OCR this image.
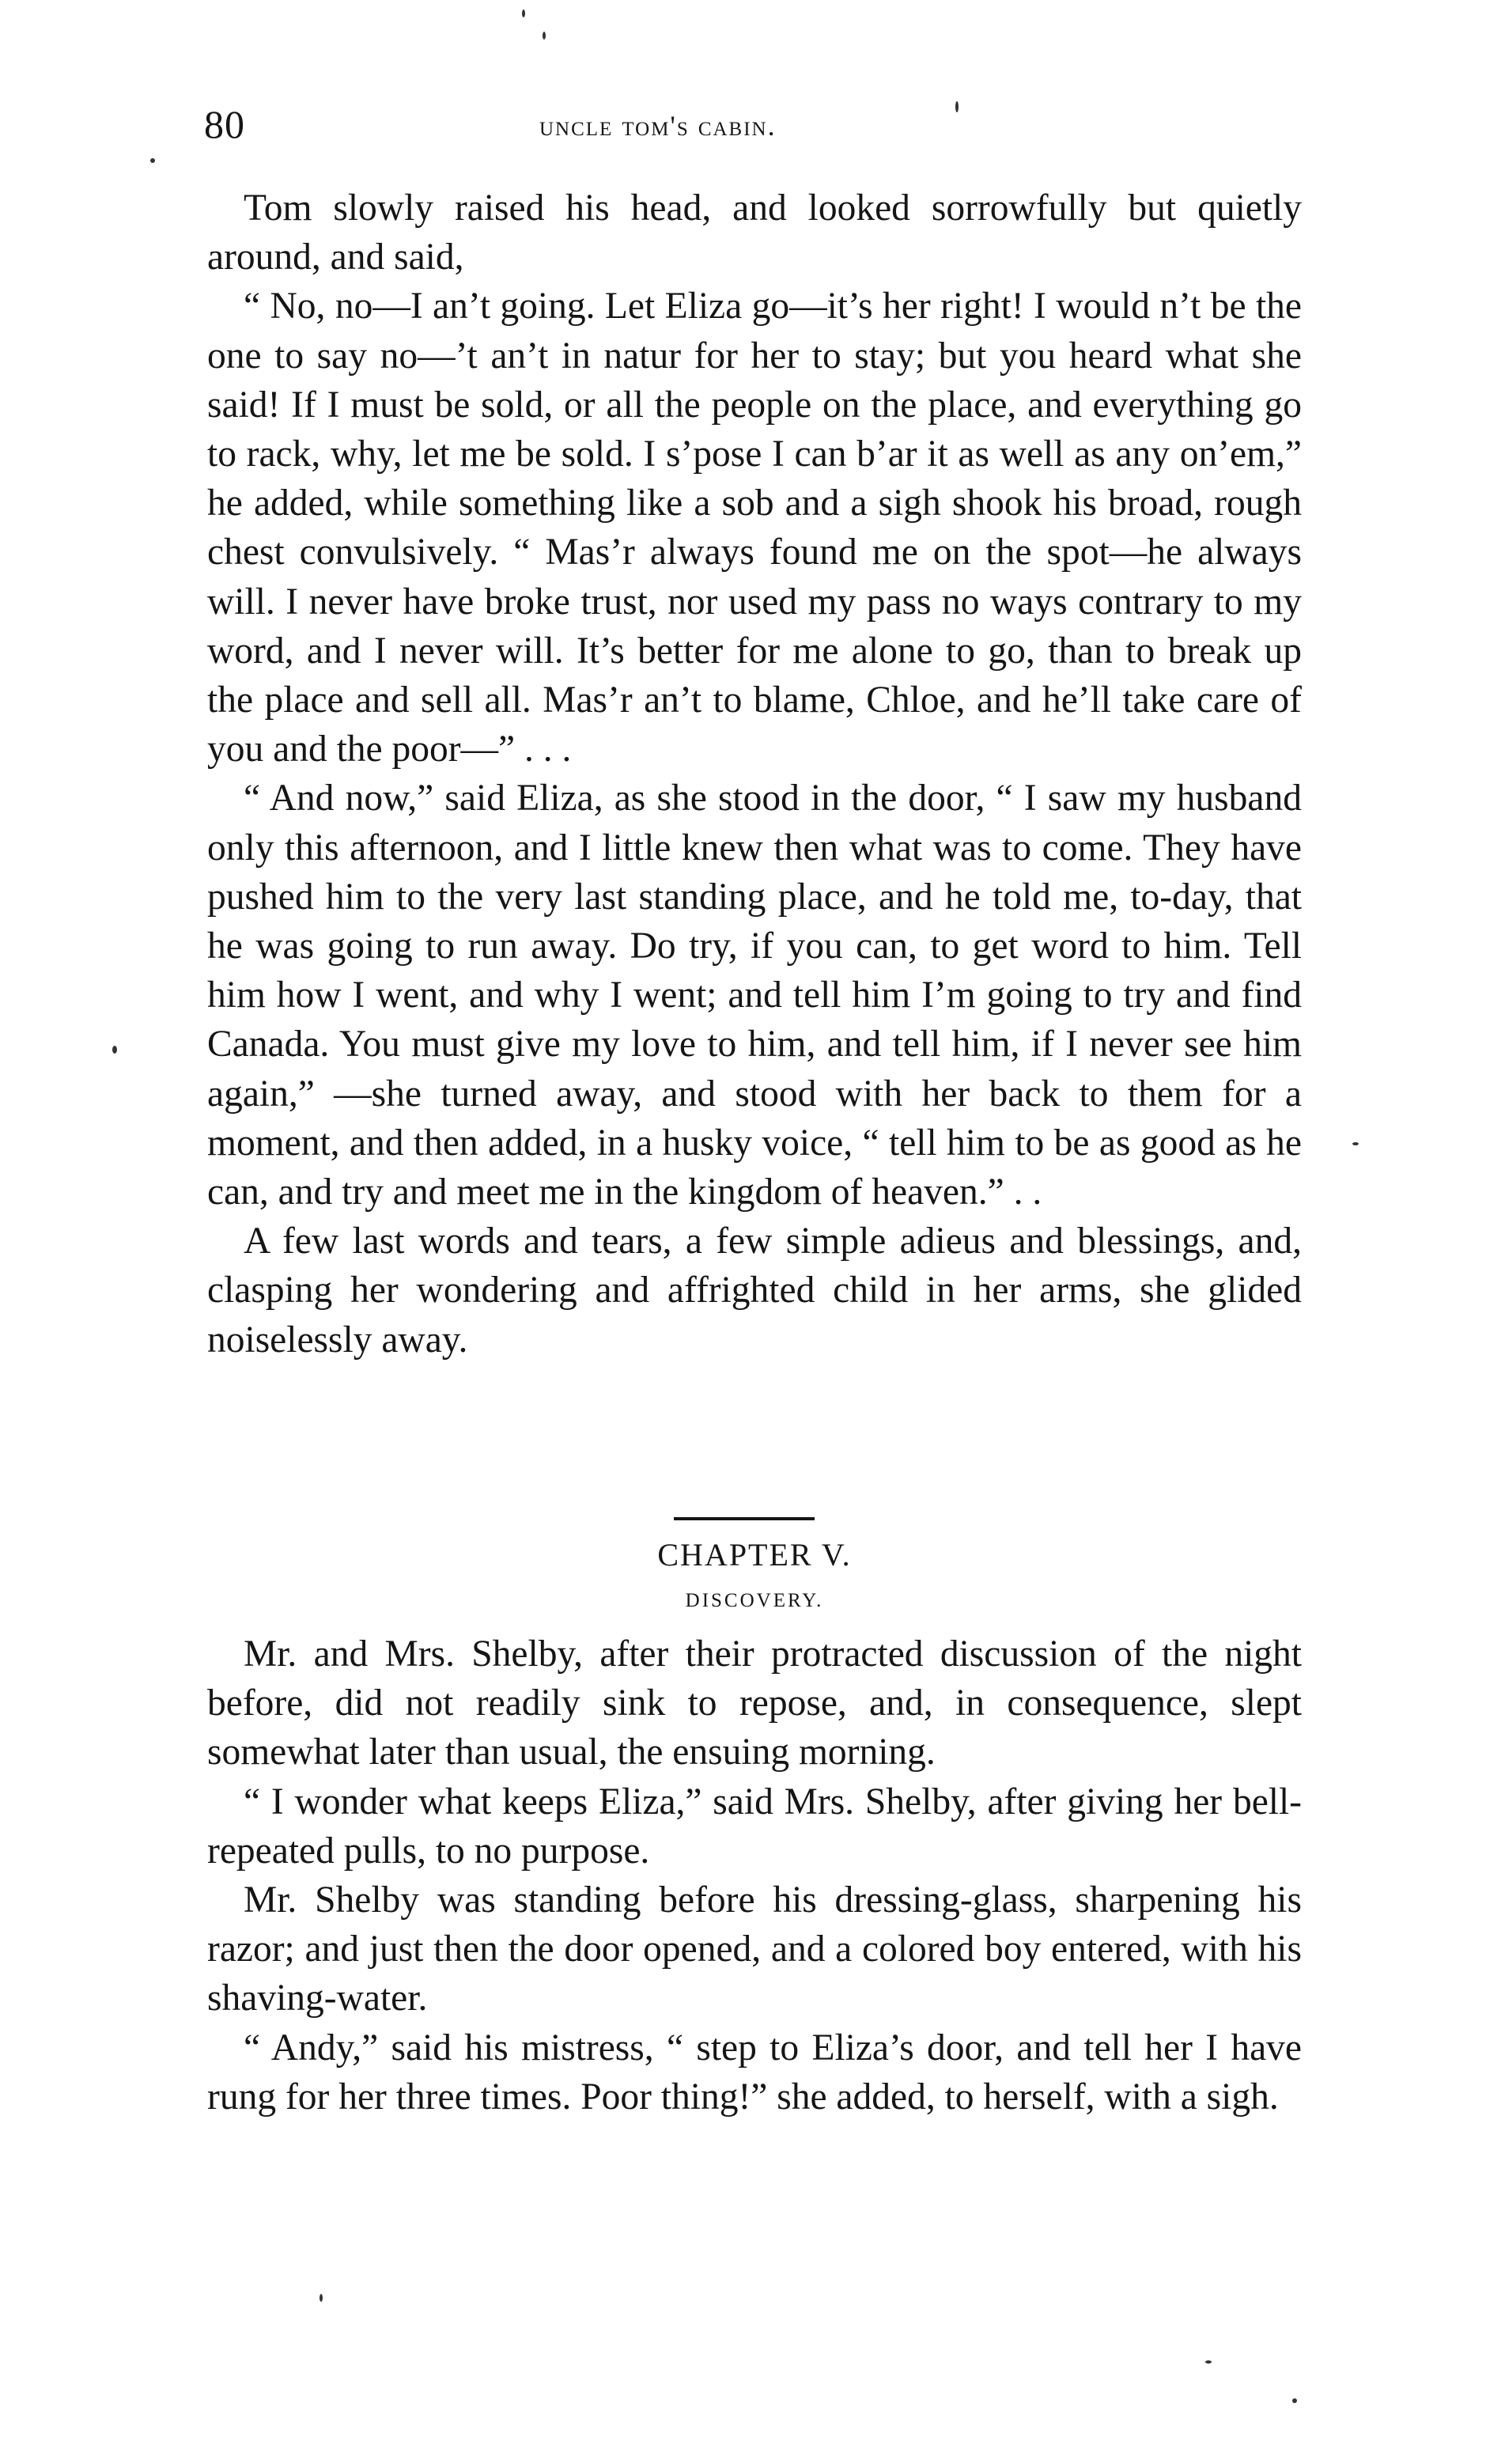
80	uncle tom's cabin.

Tom slowly raised his head, and looked sorrowfully but quietly around, and said,

“ No, no—I an’t going. Let Eliza go—it’s her right! I would n’t be the one to say no—’t an’t in natur for her to stay; but you heard what she said! If I must be sold, or all the people on the place, and everything go to rack, why, let me be sold. I s’pose I can b’ar it as well as any on’em,” he added, while something like a sob and a sigh shook his broad, rough chest convulsively. “ Mas’r always found me on the spot—he always will. I never have broke trust, nor used my pass no ways contrary to my word, and I never will. It’s better for me alone to go, than to break up the place and sell all. Mas’r an’t to blame, Chloe, and he’ll take care of you and the poor—” . . .

“ And now,” said Eliza, as she stood in the door, “ I saw my husband only this afternoon, and I little knew then what was to come. They have pushed him to the very last standing place, and he told me, to-day, that he was going to run away. Do try, if you can, to get word to him. Tell him how I went, and why I went; and tell him I’m going to try and find Canada. You must give my love to him, and tell him, if I never see him again,” —she turned away, and stood with her back to them for a moment, and then added, in a husky voice, “ tell him to be as good as he can, and try and meet me in the kingdom of heaven.” . .

A few last words and tears, a few simple adieus and blessings, and, clasping her wondering and affrighted child in her arms, she glided noiselessly away.

CHAPTER V.
DISCOVERY.

Mr. and Mrs. Shelby, after their protracted discussion of the night before, did not readily sink to repose, and, in consequence, slept somewhat later than usual, the ensuing morning.

“ I wonder what keeps Eliza,” said Mrs. Shelby, after giving her bell-repeated pulls, to no purpose.

Mr. Shelby was standing before his dressing-glass, sharpening his razor; and just then the door opened, and a colored boy entered, with his shaving-water.

“ Andy,” said his mistress, “ step to Eliza’s door, and tell her I have rung for her three times. Poor thing!” she added, to herself, with a sigh.
